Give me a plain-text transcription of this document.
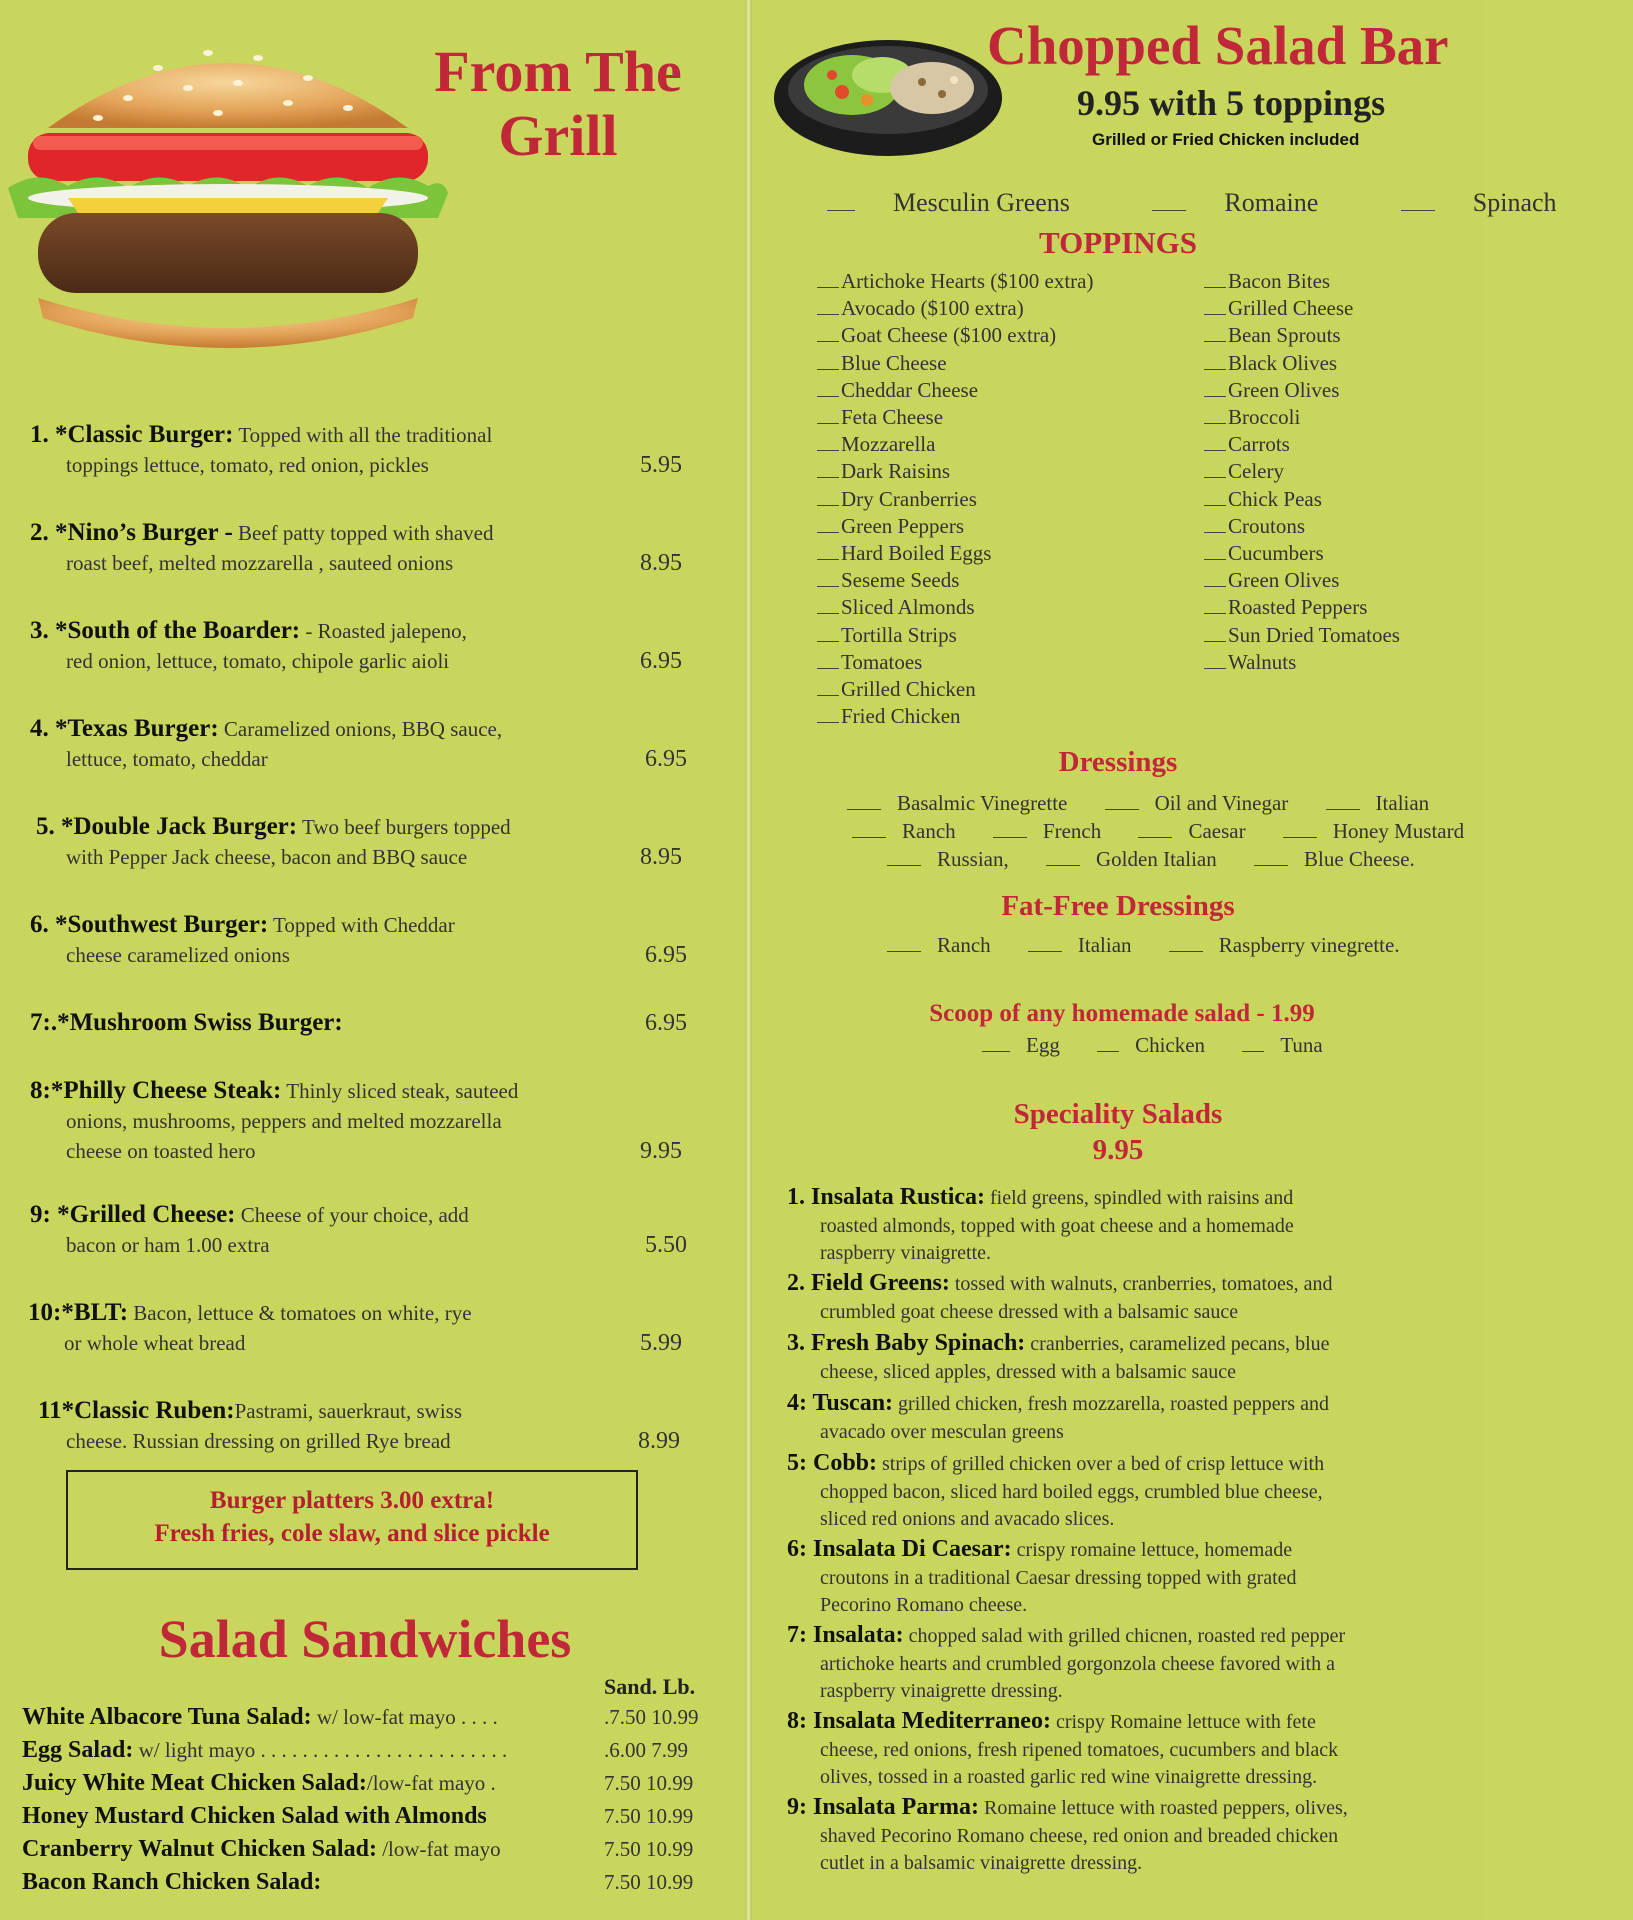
From The
Grill
1. *Classic Burger: Topped with all the traditional
toppings lettuce, tomato, red onion, pickles	5.95
2. *Nino’s Burger - Beef patty topped with shaved
roast beef, melted mozzarella , sauteed onions	8.95
3. *South of the Boarder: - Roasted jalepeno,
red onion, lettuce, tomato, chipole garlic aioli	6.95
4. *Texas Burger: Caramelized onions, BBQ sauce,
lettuce, tomato, cheddar	6.95
5. *Double Jack Burger: Two beef burgers topped
with Pepper Jack cheese, bacon and BBQ sauce	8.95
6. *Southwest Burger: Topped with Cheddar
cheese caramelized onions	6.95
7:.*Mushroom Swiss Burger:	6.95
8:*Philly Cheese Steak: Thinly sliced steak, sauteed
onions, mushrooms, peppers and melted mozzarella
cheese on toasted hero	9.95
9: *Grilled Cheese: Cheese of your choice, add
bacon or ham 1.00 extra	5.50
10:*BLT: Bacon, lettuce & tomatoes on white, rye
or whole wheat bread	5.99
11*Classic Ruben:Pastrami, sauerkraut, swiss
cheese. Russian dressing on grilled Rye bread	8.99
Burger platters 3.00 extra!
Fresh fries, cole slaw, and slice pickle
Salad Sandwiches
Sand. Lb.
White Albacore Tuna Salad: w/ low-fat mayo . . . .	.7.50 10.99
Egg Salad: w/ light mayo . . . . . . . . . . . . . . . . . . . . . . . .	.6.00 7.99
Juicy White Meat Chicken Salad:/low-fat mayo .	7.50 10.99
Honey Mustard Chicken Salad with Almonds	7.50 10.99
Cranberry Walnut Chicken Salad: /low-fat mayo	7.50 10.99
Bacon Ranch Chicken Salad:	7.50 10.99
Chopped Salad Bar
9.95 with 5 toppings
Grilled or Fried Chicken included
Mesculin Greens	Romaine	Spinach
TOPPINGS
Artichoke Hearts ($100 extra)
Avocado ($100 extra)
Goat Cheese ($100 extra)
Blue Cheese
Cheddar Cheese
Feta Cheese
Mozzarella
Dark Raisins
Dry Cranberries
Green Peppers
Hard Boiled Eggs
Seseme Seeds
Sliced Almonds
Tortilla Strips
Tomatoes
Grilled Chicken
Fried Chicken
Bacon Bites
Grilled Cheese
Bean Sprouts
Black Olives
Green Olives
Broccoli
Carrots
Celery
Chick Peas
Croutons
Cucumbers
Green Olives
Roasted Peppers
Sun Dried Tomatoes
Walnuts
Dressings
Basalmic Vinegrette	Oil and Vinegar	Italian
Ranch	French	Caesar	Honey Mustard
Russian,	Golden Italian	Blue Cheese.
Fat-Free Dressings
Ranch	Italian	Raspberry vinegrette.
Scoop of any homemade salad - 1.99
Egg	Chicken	Tuna
Speciality Salads
9.95
1. Insalata Rustica: field greens, spindled with raisins and
roasted almonds, topped with goat cheese and a homemade
raspberry vinaigrette.
2. Field Greens: tossed with walnuts, cranberries, tomatoes, and
crumbled goat cheese dressed with a balsamic sauce
3. Fresh Baby Spinach: cranberries, caramelized pecans, blue
cheese, sliced apples, dressed with a balsamic sauce
4: Tuscan: grilled chicken, fresh mozzarella, roasted peppers and
avacado over mesculan greens
5: Cobb: strips of grilled chicken over a bed of crisp lettuce with
chopped bacon, sliced hard boiled eggs, crumbled blue cheese,
sliced red onions and avacado slices.
6: Insalata Di Caesar: crispy romaine lettuce, homemade
croutons in a traditional Caesar dressing topped with grated
Pecorino Romano cheese.
7: Insalata: chopped salad with grilled chicnen, roasted red pepper
artichoke hearts and crumbled gorgonzola cheese favored with a
raspberry vinaigrette dressing.
8: Insalata Mediterraneo: crispy Romaine lettuce with fete
cheese, red onions, fresh ripened tomatoes, cucumbers and black
olives, tossed in a roasted garlic red wine vinaigrette dressing.
9: Insalata Parma: Romaine lettuce with roasted peppers, olives,
shaved Pecorino Romano cheese, red onion and breaded chicken
cutlet in a balsamic vinaigrette dressing.
